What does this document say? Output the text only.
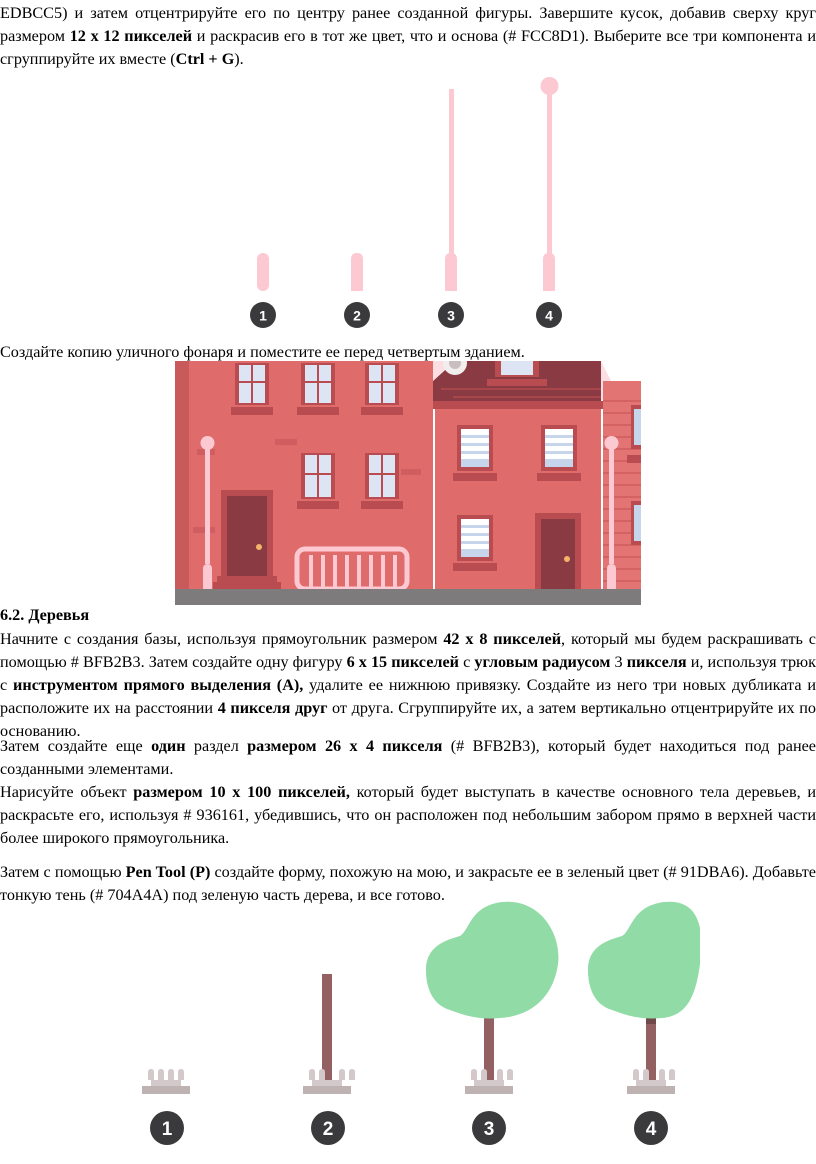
EDBCC5) и затем отцентрируйте его по центру ранее созданной фигуры. Завершите кусок, добавив сверху круг размером 12 x 12 пикселей и раскрасив его в тот же цвет, что и основа (# FCC8D1). Выберите все три компонента и сгруппируйте их вместе (Ctrl + G).
1	2	3	4
Создайте копию уличного фонаря и поместите ее перед четвертым зданием.
6.2. Деревья
Начните с создания базы, используя прямоугольник размером 42 x 8 пикселей, который мы будем раскрашивать с помощью # BFB2B3. Затем создайте одну фигуру 6 x 15 пикселей с угловым радиусом 3 пикселя и, используя трюк с инструментом прямого выделения (A), удалите ее нижнюю привязку. Создайте из него три новых дубликата и расположите их на расстоянии 4 пикселя друг от друга. Сгруппируйте их, а затем вертикально отцентрируйте их по основанию.
Затем создайте еще один раздел размером 26 x 4 пикселя (# BFB2B3), который будет находиться под ранее созданными элементами.
Нарисуйте объект размером 10 x 100 пикселей, который будет выступать в качестве основного тела деревьев, и раскрасьте его, используя # 936161, убедившись, что он расположен под небольшим забором прямо в верхней части более широкого прямоугольника.
Затем с помощью Pen Tool (P) создайте форму, похожую на мою, и закрасьте ее в зеленый цвет (# 91DBA6). Добавьте тонкую тень (# 704A4A) под зеленую часть дерева, и все готово.
1	2	3	4
